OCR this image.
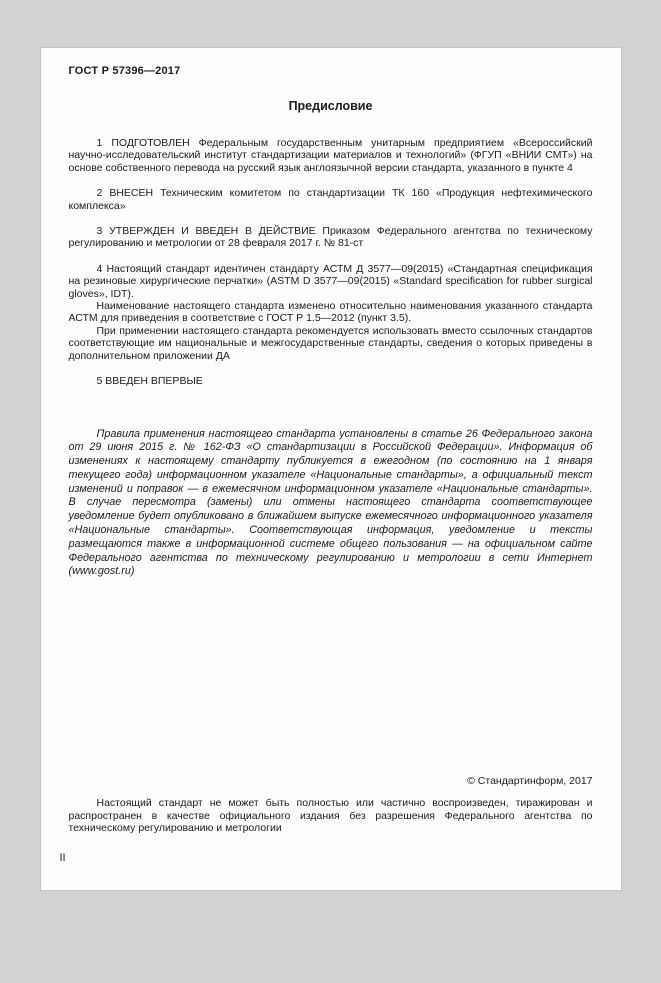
ГОСТ Р 57396—2017
Предисловие

1 ПОДГОТОВЛЕН Федеральным государственным унитарным предприятием «Всероссийский научно-исследовательский институт стандартизации материалов и технологий» (ФГУП «ВНИИ СМТ») на основе собственного перевода на русский язык англоязычной версии стандарта, указанного в пункте 4

2 ВНЕСЕН Техническим комитетом по стандартизации ТК 160 «Продукция нефтехимического комплекса»

3 УТВЕРЖДЕН И ВВЕДЕН В ДЕЙСТВИЕ Приказом Федерального агентства по техническому регулированию и метрологии от 28 февраля 2017 г. № 81-ст

4 Настоящий стандарт идентичен стандарту АСТМ Д 3577—09(2015) «Стандартная спецификация на резиновые хирургические перчатки» (ASTM D 3577—09(2015) «Standard specification for rubber surgical gloves», IDT).

Наименование настоящего стандарта изменено относительно наименования указанного стандарта АСТМ для приведения в соответствие с ГОСТ Р 1.5—2012 (пункт 3.5).

При применении настоящего стандарта рекомендуется использовать вместо ссылочных стандартов соответствующие им национальные и межгосударственные стандарты, сведения о которых приведены в дополнительном приложении ДА

5 ВВЕДЕН ВПЕРВЫЕ

Правила применения настоящего стандарта установлены в статье 26 Федерального закона от 29 июня 2015 г. № 162-ФЗ «О стандартизации в Российской Федерации». Информация об изменениях к настоящему стандарту публикуется в ежегодном (по состоянию на 1 января текущего года) информационном указателе «Национальные стандарты», а официальный текст изменений и поправок — в ежемесячном информационном указателе «Национальные стандарты». В случае пересмотра (замены) или отмены настоящего стандарта соответствующее уведомление будет опубликовано в ближайшем выпуске ежемесячного информационного указателя «Национальные стандарты». Соответствующая информация, уведомление и тексты размещаются также в информационной системе общего пользования — на официальном сайте Федерального агентства по техническому регулированию и метрологии в сети Интернет (www.gost.ru)

© Стандартинформ, 2017

Настоящий стандарт не может быть полностью или частично воспроизведен, тиражирован и распространен в качестве официального издания без разрешения Федерального агентства по техническому регулированию и метрологии

II
